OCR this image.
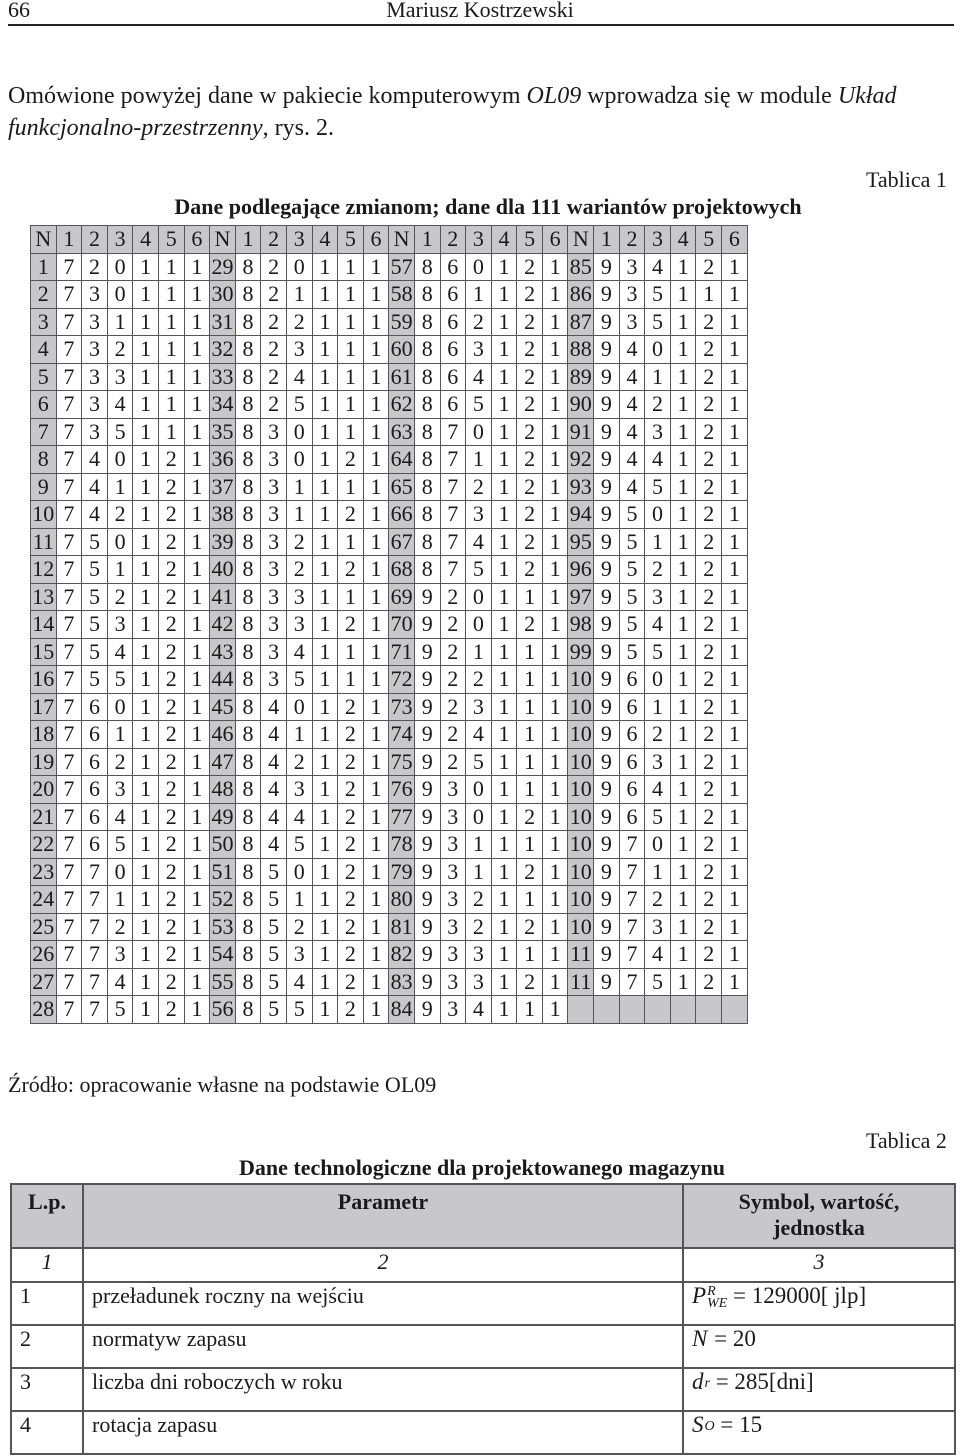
66	Mariusz Kostrzewski
Omówione powyżej dane w pakiecie komputerowym OL09 wprowadza się w module Układ funkcjonalno-przestrzenny, rys. 2.
Tablica 1
Dane podlegające zmianom; dane dla 111 wariantów projektowych
N	1	2	3	4	5	6	N	1	2	3	4	5	6	N	1	2	3	4	5	6	N	1	2	3	4	5	6
1	7	2	0	1	1	1	29	8	2	0	1	1	1	57	8	6	0	1	2	1	85	9	3	4	1	2	1
2	7	3	0	1	1	1	30	8	2	1	1	1	1	58	8	6	1	1	2	1	86	9	3	5	1	1	1
3	7	3	1	1	1	1	31	8	2	2	1	1	1	59	8	6	2	1	2	1	87	9	3	5	1	2	1
4	7	3	2	1	1	1	32	8	2	3	1	1	1	60	8	6	3	1	2	1	88	9	4	0	1	2	1
5	7	3	3	1	1	1	33	8	2	4	1	1	1	61	8	6	4	1	2	1	89	9	4	1	1	2	1
6	7	3	4	1	1	1	34	8	2	5	1	1	1	62	8	6	5	1	2	1	90	9	4	2	1	2	1
7	7	3	5	1	1	1	35	8	3	0	1	1	1	63	8	7	0	1	2	1	91	9	4	3	1	2	1
8	7	4	0	1	2	1	36	8	3	0	1	2	1	64	8	7	1	1	2	1	92	9	4	4	1	2	1
9	7	4	1	1	2	1	37	8	3	1	1	1	1	65	8	7	2	1	2	1	93	9	4	5	1	2	1
10	7	4	2	1	2	1	38	8	3	1	1	2	1	66	8	7	3	1	2	1	94	9	5	0	1	2	1
11	7	5	0	1	2	1	39	8	3	2	1	1	1	67	8	7	4	1	2	1	95	9	5	1	1	2	1
12	7	5	1	1	2	1	40	8	3	2	1	2	1	68	8	7	5	1	2	1	96	9	5	2	1	2	1
13	7	5	2	1	2	1	41	8	3	3	1	1	1	69	9	2	0	1	1	1	97	9	5	3	1	2	1
14	7	5	3	1	2	1	42	8	3	3	1	2	1	70	9	2	0	1	2	1	98	9	5	4	1	2	1
15	7	5	4	1	2	1	43	8	3	4	1	1	1	71	9	2	1	1	1	1	99	9	5	5	1	2	1
16	7	5	5	1	2	1	44	8	3	5	1	1	1	72	9	2	2	1	1	1	10	9	6	0	1	2	1
17	7	6	0	1	2	1	45	8	4	0	1	2	1	73	9	2	3	1	1	1	10	9	6	1	1	2	1
18	7	6	1	1	2	1	46	8	4	1	1	2	1	74	9	2	4	1	1	1	10	9	6	2	1	2	1
19	7	6	2	1	2	1	47	8	4	2	1	2	1	75	9	2	5	1	1	1	10	9	6	3	1	2	1
20	7	6	3	1	2	1	48	8	4	3	1	2	1	76	9	3	0	1	1	1	10	9	6	4	1	2	1
21	7	6	4	1	2	1	49	8	4	4	1	2	1	77	9	3	0	1	2	1	10	9	6	5	1	2	1
22	7	6	5	1	2	1	50	8	4	5	1	2	1	78	9	3	1	1	1	1	10	9	7	0	1	2	1
23	7	7	0	1	2	1	51	8	5	0	1	2	1	79	9	3	1	1	2	1	10	9	7	1	1	2	1
24	7	7	1	1	2	1	52	8	5	1	1	2	1	80	9	3	2	1	1	1	10	9	7	2	1	2	1
25	7	7	2	1	2	1	53	8	5	2	1	2	1	81	9	3	2	1	2	1	10	9	7	3	1	2	1
26	7	7	3	1	2	1	54	8	5	3	1	2	1	82	9	3	3	1	1	1	11	9	7	4	1	2	1
27	7	7	4	1	2	1	55	8	5	4	1	2	1	83	9	3	3	1	2	1	11	9	7	5	1	2	1
28	7	7	5	1	2	1	56	8	5	5	1	2	1	84	9	3	4	1	1	1							
Źródło: opracowanie własne na podstawie OL09
Tablica 2
Dane technologiczne dla projektowanego magazynu
L.p.	Parametr	Symbol, wartość, jednostka
1	2	3
1	przeładunek roczny na wejściu	P R
WE = 129000[ jlp]
2	normatyw zapasu	N
= 20
3	liczba dni roboczych w roku	d r = 285[dni]
4	rotacja zapasu	S O = 15
